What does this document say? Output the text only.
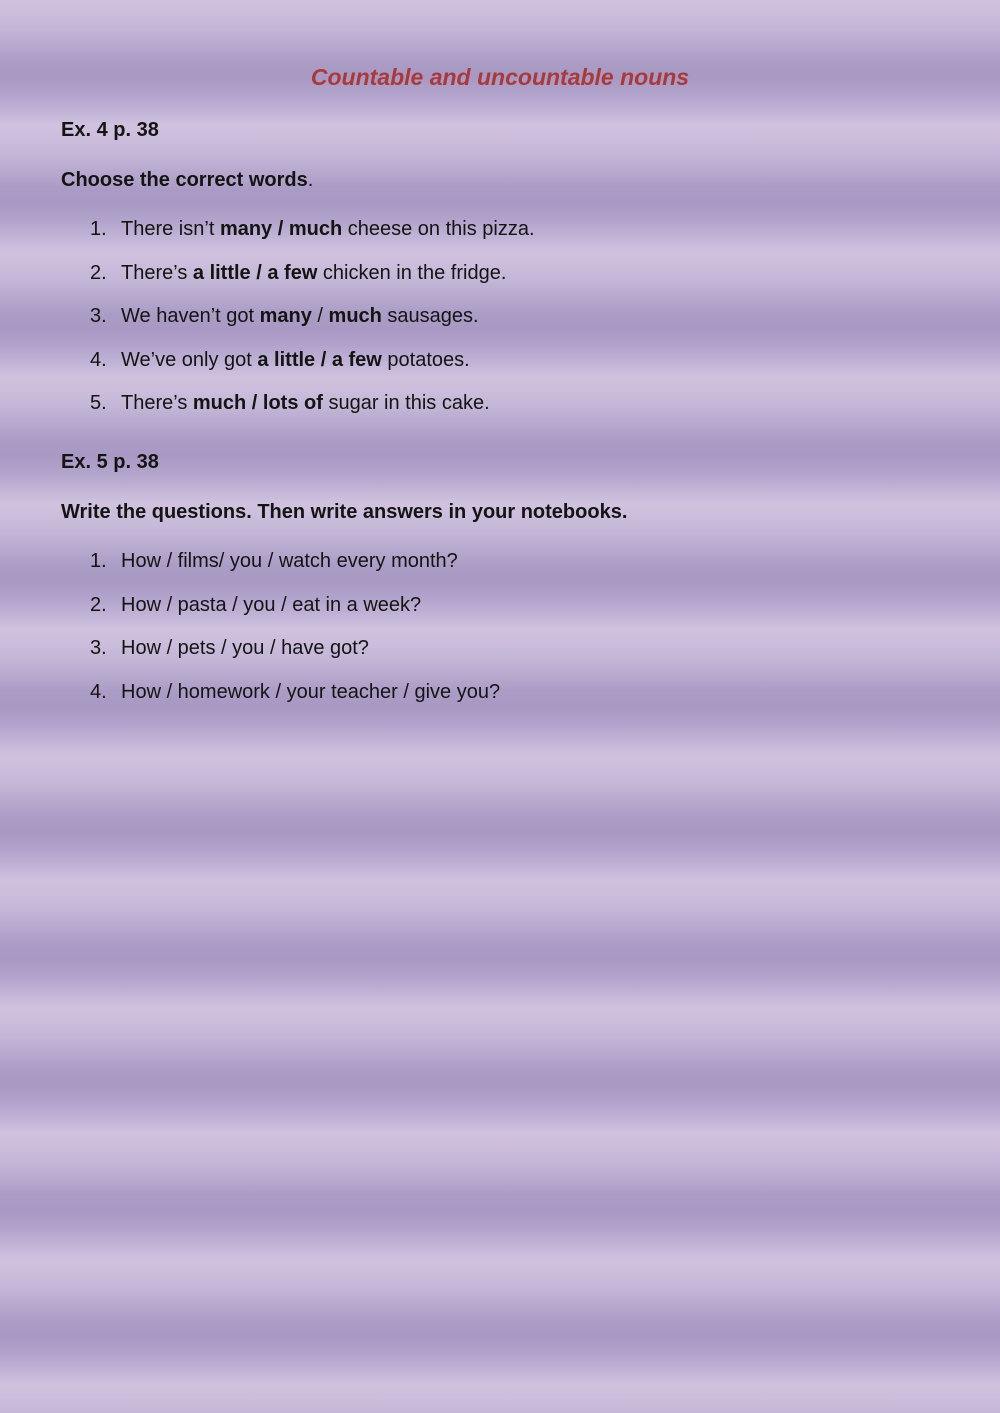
Countable and uncountable nouns
Ex. 4 p. 38
Choose the correct words.
1. There isn’t many / much cheese on this pizza.
2. There’s a little / a few chicken in the fridge.
3. We haven’t got many / much sausages.
4. We’ve only got a little / a few potatoes.
5. There’s much / lots of sugar in this cake.
Ex. 5 p. 38
Write the questions. Then write answers in your notebooks.
1. How / films/ you / watch every month?
2. How / pasta / you / eat in a week?
3. How / pets / you / have got?
4. How / homework / your teacher / give you?
